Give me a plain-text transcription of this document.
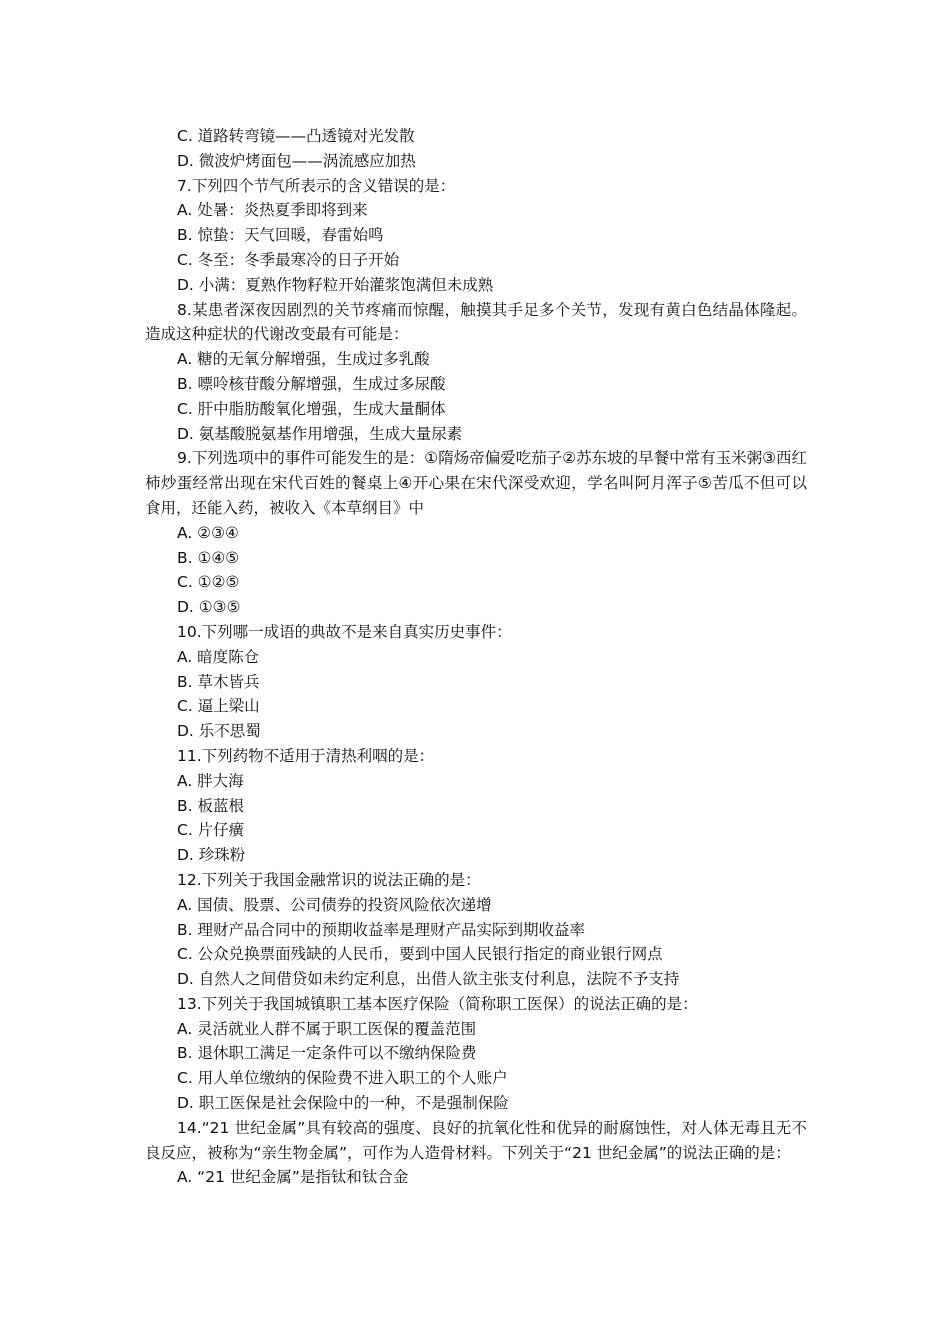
C. 道路转弯镜——凸透镜对光发散
D. 微波炉烤面包——涡流感应加热
7.下列四个节气所表示的含义错误的是：
A. 处暑：炎热夏季即将到来
B. 惊蛰：天气回暖，春雷始鸣
C. 冬至：冬季最寒冷的日子开始
D. 小满：夏熟作物籽粒开始灌浆饱满但未成熟
8.某患者深夜因剧烈的关节疼痛而惊醒，触摸其手足多个关节，发现有黄白色结晶体隆起。造成这种症状的代谢改变最有可能是：
A. 糖的无氧分解增强，生成过多乳酸
B. 嘌呤核苷酸分解增强，生成过多尿酸
C. 肝中脂肪酸氧化增强，生成大量酮体
D. 氨基酸脱氨基作用增强，生成大量尿素
9.下列选项中的事件可能发生的是：①隋炀帝偏爱吃茄子②苏东坡的早餐中常有玉米粥③西红柿炒蛋经常出现在宋代百姓的餐桌上④开心果在宋代深受欢迎，学名叫阿月浑子⑤苦瓜不但可以食用，还能入药，被收入《本草纲目》中
A. ②③④
B. ①④⑤
C. ①②⑤
D. ①③⑤
10.下列哪一成语的典故不是来自真实历史事件：
A. 暗度陈仓
B. 草木皆兵
C. 逼上梁山
D. 乐不思蜀
11.下列药物不适用于清热利咽的是：
A. 胖大海
B. 板蓝根
C. 片仔癀
D. 珍珠粉
12.下列关于我国金融常识的说法正确的是：
A. 国债、股票、公司债券的投资风险依次递增
B. 理财产品合同中的预期收益率是理财产品实际到期收益率
C. 公众兑换票面残缺的人民币，要到中国人民银行指定的商业银行网点
D. 自然人之间借贷如未约定利息，出借人欲主张支付利息，法院不予支持
13.下列关于我国城镇职工基本医疗保险（简称职工医保）的说法正确的是：
A. 灵活就业人群不属于职工医保的覆盖范围
B. 退休职工满足一定条件可以不缴纳保险费
C. 用人单位缴纳的保险费不进入职工的个人账户
D. 职工医保是社会保险中的一种，不是强制保险
14.“21 世纪金属”具有较高的强度、良好的抗氧化性和优异的耐腐蚀性，对人体无毒且无不良反应，被称为“亲生物金属”，可作为人造骨材料。下列关于“21 世纪金属”的说法正确的是：
A. “21 世纪金属”是指钛和钛合金
